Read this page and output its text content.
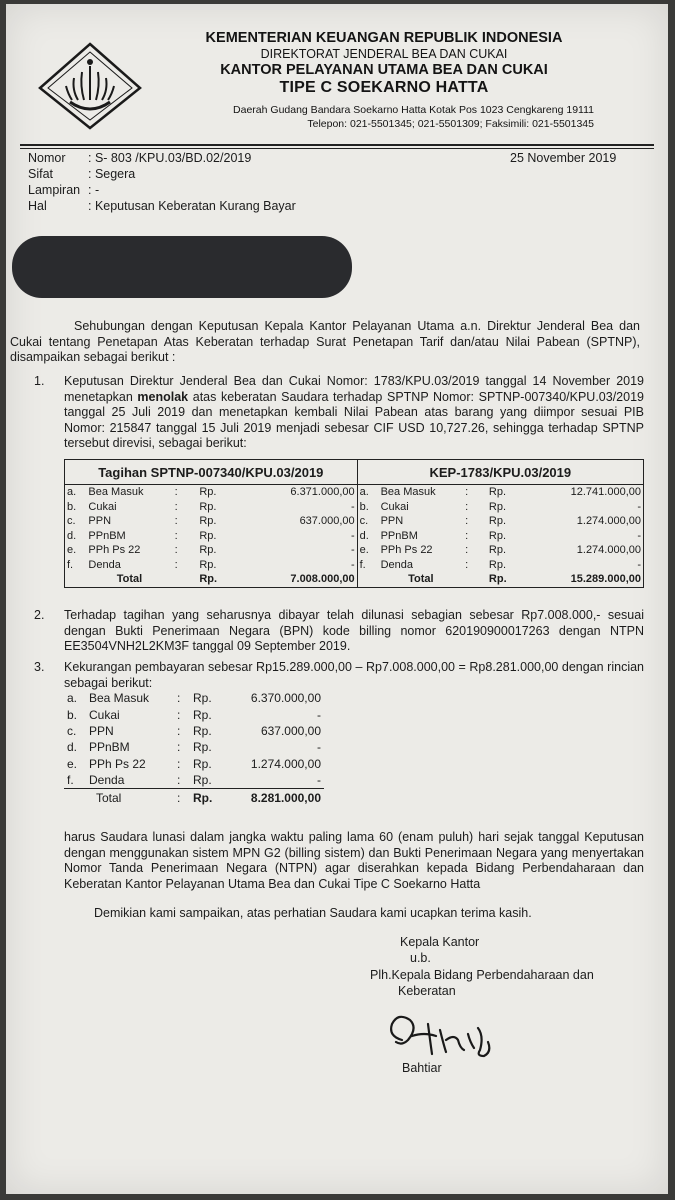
KEMENTERIAN KEUANGAN REPUBLIK INDONESIA
DIREKTORAT JENDERAL BEA DAN CUKAI
KANTOR PELAYANAN UTAMA BEA DAN CUKAI
TIPE C SOEKARNO HATTA
Daerah Gudang Bandara Soekarno Hatta Kotak Pos 1023 Cengkareng 19111
Telepon: 021-5501345; 021-5501309; Faksimili: 021-5501345
Nomor : S- 803 /KPU.03/BD.02/2019	25 November 2019
Sifat	: Segera
Lampiran : -
Hal	: Keputusan Keberatan Kurang Bayar
Sehubungan dengan Keputusan Kepala Kantor Pelayanan Utama a.n. Direktur Jenderal Bea dan Cukai tentang Penetapan Atas Keberatan terhadap Surat Penetapan Tarif dan/atau Nilai Pabean (SPTNP), disampaikan sebagai berikut :
1.	Keputusan Direktur Jenderal Bea dan Cukai Nomor: 1783/KPU.03/2019 tanggal 14 November 2019 menetapkan menolak atas keberatan Saudara terhadap SPTNP Nomor: SPTNP-007340/KPU.03/2019 tanggal 25 Juli 2019 dan menetapkan kembali Nilai Pabean atas barang yang diimpor sesuai PIB Nomor: 215847 tanggal 15 Juli 2019 menjadi sebesar CIF USD 10,727.26, sehingga terhadap SPTNP tersebut direvisi, sebagai berikut:
Tagihan SPTNP-007340/KPU.03/2019					KEP-1783/KPU.03/2019				
a.	Bea Masuk	:	Rp.	6.371.000,00	a.	Bea Masuk	:	Rp.	12.741.000,00
b.	Cukai	:	Rp.	-	b.	Cukai	:	Rp.	-
c.	PPN	:	Rp.	637.000,00	c.	PPN	:	Rp.	1.274.000,00
d.	PPnBM	:	Rp.	-	d.	PPnBM	:	Rp.	-
e.	PPh Ps 22	:	Rp.	-	e.	PPh Ps 22	:	Rp.	1.274.000,00
f.	Denda	:	Rp.	-	f.	Denda	:	Rp.	-
	Total		Rp.	7.008.000,00		Total		Rp.	15.289.000,00
2.	Terhadap tagihan yang seharusnya dibayar telah dilunasi sebagian sebesar Rp7.008.000,- sesuai dengan Bukti Penerimaan Negara (BPN) kode billing nomor 620190900017263 dengan NTPN EE3504VNH2L2KM3F tanggal 09 September 2019.
3.	Kekurangan pembayaran sebesar Rp15.289.000,00 – Rp7.008.000,00 = Rp8.281.000,00 dengan rincian sebagai berikut:
a.	Bea Masuk	:	Rp.	6.370.000,00
b.	Cukai	:	Rp.	-
c.	PPN	:	Rp.	637.000,00
d.	PPnBM	:	Rp.	-
e.	PPh Ps 22	:	Rp.	1.274.000,00
f.	Denda	:	Rp.	-
	Total	:	Rp.	8.281.000,00
harus Saudara lunasi dalam jangka waktu paling lama 60 (enam puluh) hari sejak tanggal Keputusan dengan menggunakan sistem MPN G2 (billing sistem) dan Bukti Penerimaan Negara yang menyertakan Nomor Tanda Penerimaan Negara (NTPN) agar diserahkan kepada Bidang Perbendaharaan dan Keberatan Kantor Pelayanan Utama Bea dan Cukai Tipe C Soekarno Hatta
Demikian kami sampaikan, atas perhatian Saudara kami ucapkan terima kasih.
Kepala Kantor
u.b.
Plh.Kepala Bidang Perbendaharaan dan
Keberatan
Bahtiar
